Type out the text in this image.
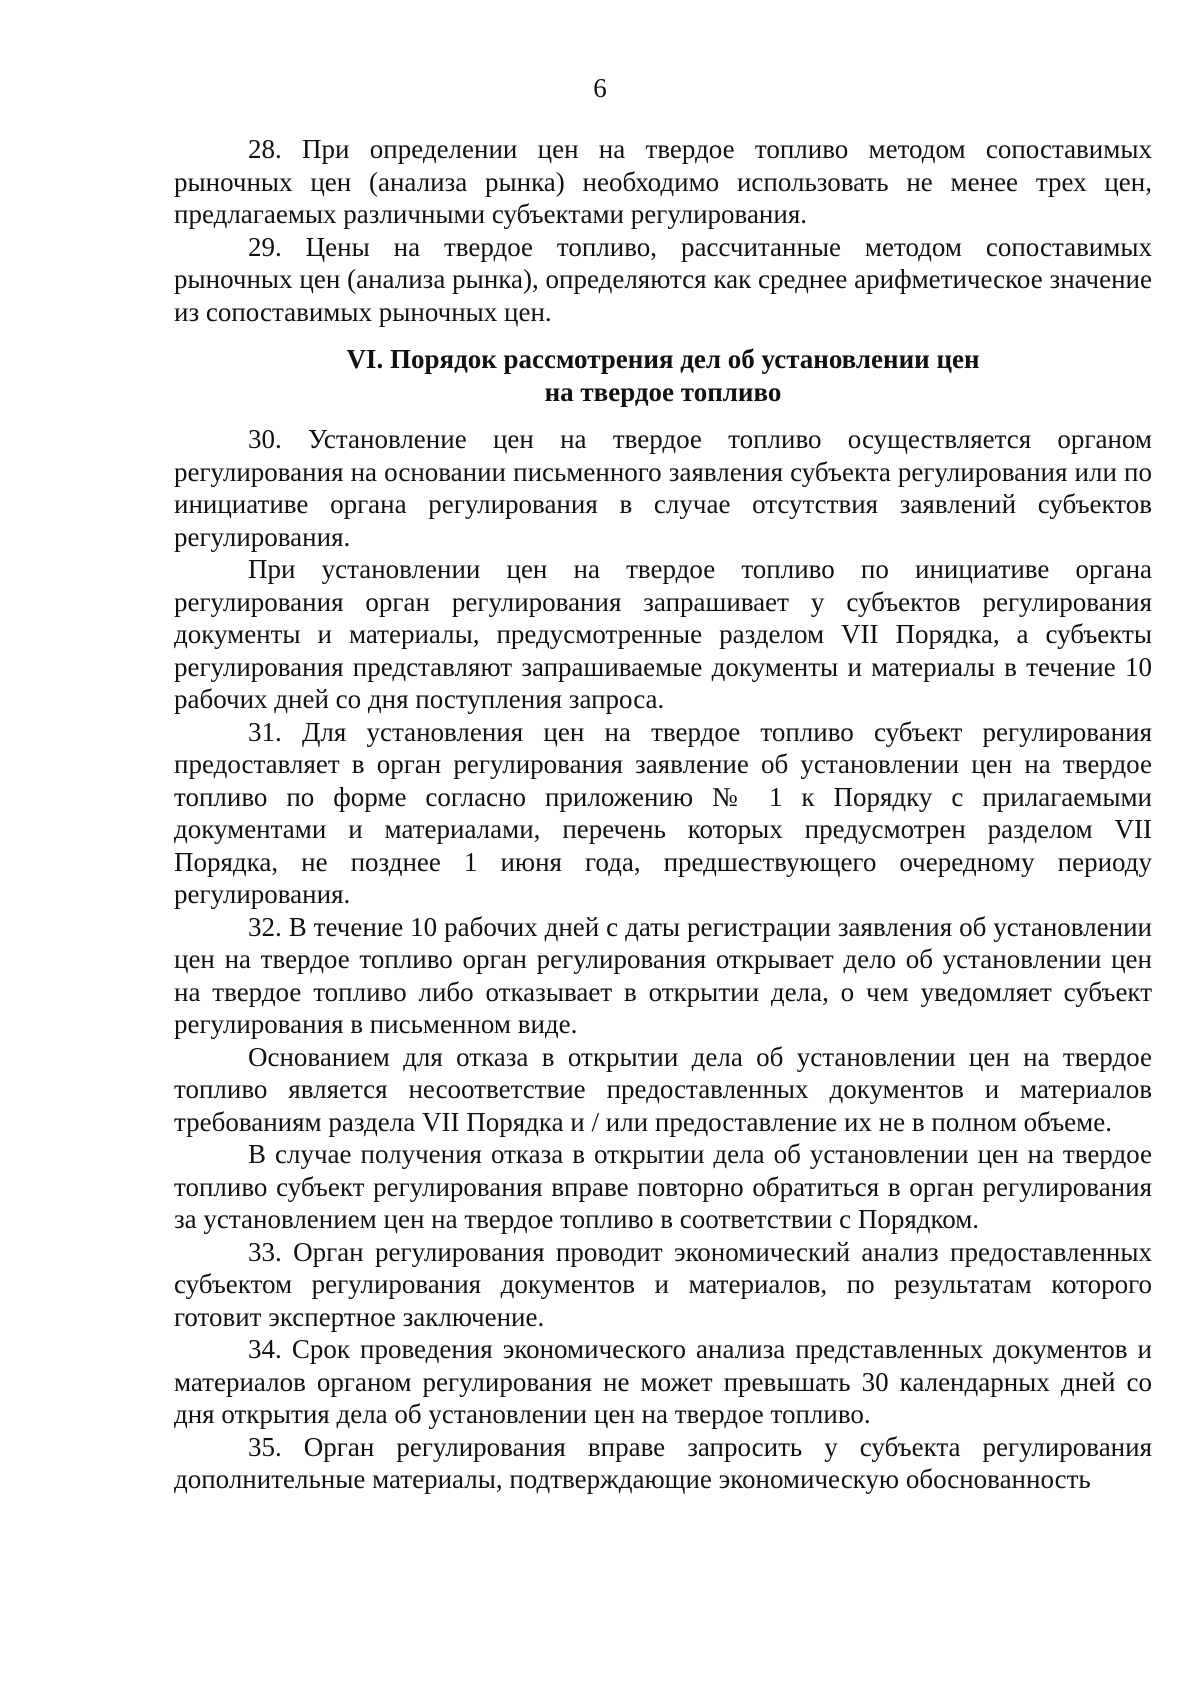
6

28. При определении цен на твердое топливо методом сопоставимых рыночных цен (анализа рынка) необходимо использовать не менее трех цен, предлагаемых различными субъектами регулирования.

29. Цены на твердое топливо, рассчитанные методом сопоставимых рыночных цен (анализа рынка), определяются как среднее арифметическое значение из сопоставимых рыночных цен.

VI. Порядок рассмотрения дел об установлении цен
на твердое топливо

30. Установление цен на твердое топливо осуществляется органом регулирования на основании письменного заявления субъекта регулирования или по инициативе органа регулирования в случае отсутствия заявлений субъектов регулирования.

При установлении цен на твердое топливо по инициативе органа регулирования орган регулирования запрашивает у субъектов регулирования документы и материалы, предусмотренные разделом VII Порядка, а субъекты регулирования представляют запрашиваемые документы и материалы в течение 10 рабочих дней со дня поступления запроса.

31. Для установления цен на твердое топливо субъект регулирования предоставляет в орган регулирования заявление об установлении цен на твердое топливо по форме согласно приложению № 1 к Порядку с прилагаемыми документами и материалами, перечень которых предусмотрен разделом VII Порядка, не позднее 1 июня года, предшествующего очередному периоду регулирования.

32. В течение 10 рабочих дней с даты регистрации заявления об установлении цен на твердое топливо орган регулирования открывает дело об установлении цен на твердое топливо либо отказывает в открытии дела, о чем уведомляет субъект регулирования в письменном виде.

Основанием для отказа в открытии дела об установлении цен на твердое топливо является несоответствие предоставленных документов и материалов требованиям раздела VII Порядка и / или предоставление их не в полном объеме.

В случае получения отказа в открытии дела об установлении цен на твердое топливо субъект регулирования вправе повторно обратиться в орган регулирования за установлением цен на твердое топливо в соответствии с Порядком.

33. Орган регулирования проводит экономический анализ предоставленных субъектом регулирования документов и материалов, по результатам которого готовит экспертное заключение.

34. Срок проведения экономического анализа представленных документов и материалов органом регулирования не может превышать 30 календарных дней со дня открытия дела об установлении цен на твердое топливо.

35. Орган регулирования вправе запросить у субъекта регулирования дополнительные материалы, подтверждающие экономическую обоснованность
